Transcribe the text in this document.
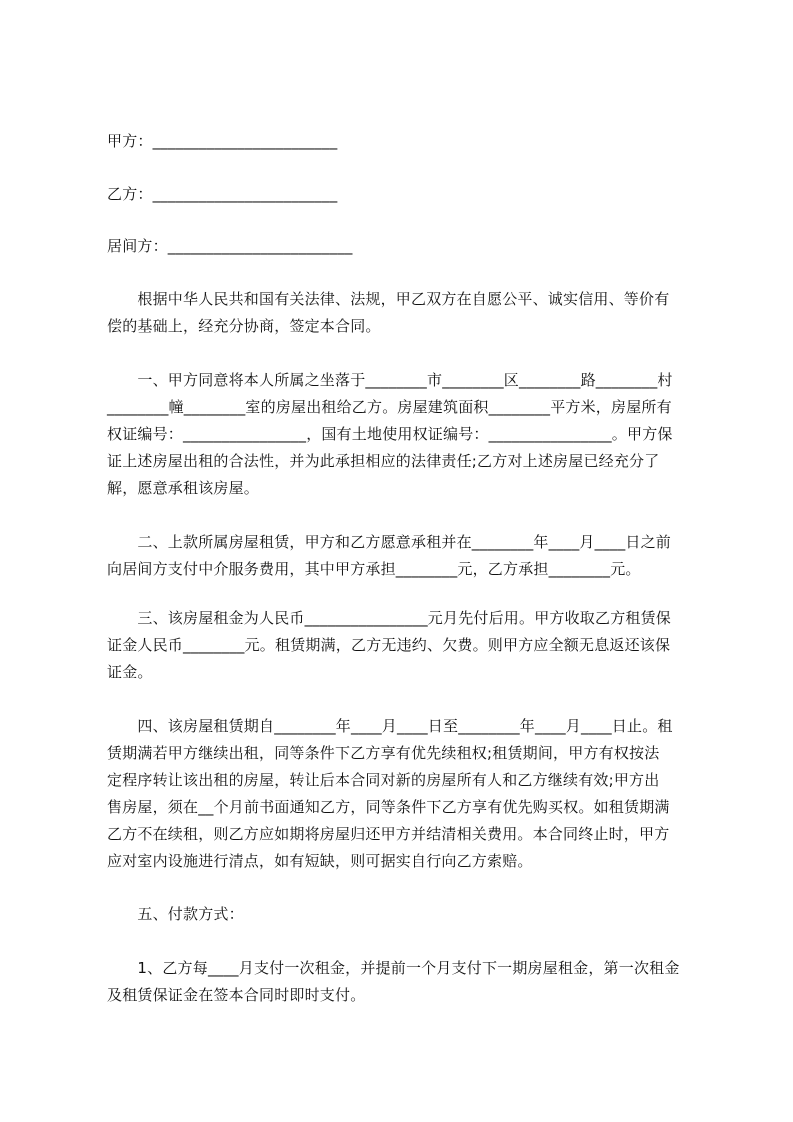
甲方：________________________
乙方：________________________
居间方：________________________
　　根据中华人民共和国有关法律、法规，甲乙双方在自愿公平、诚实信用、等价有
偿的基础上，经充分协商，签定本合同。
　　一、甲方同意将本人所属之坐落于________市________区________路________村
________幢________室的房屋出租给乙方。房屋建筑面积________平方米，房屋所有
权证编号：________________，国有土地使用权证编号：________________。甲方保
证上述房屋出租的合法性，并为此承担相应的法律责任;乙方对上述房屋已经充分了
解，愿意承租该房屋。
　　二、上款所属房屋租赁，甲方和乙方愿意承租并在________年____月____日之前
向居间方支付中介服务费用，其中甲方承担________元，乙方承担________元。
　　三、该房屋租金为人民币________________元月先付后用。甲方收取乙方租赁保
证金人民币________元。租赁期满，乙方无违约、欠费。则甲方应全额无息返还该保
证金。
　　四、该房屋租赁期自________年____月____日至________年____月____日止。租
赁期满若甲方继续出租，同等条件下乙方享有优先续租权;租赁期间，甲方有权按法
定程序转让该出租的房屋，转让后本合同对新的房屋所有人和乙方继续有效;甲方出
售房屋，须在__个月前书面通知乙方，同等条件下乙方享有优先购买权。如租赁期满
乙方不在续租，则乙方应如期将房屋归还甲方并结清相关费用。本合同终止时，甲方
应对室内设施进行清点，如有短缺，则可据实自行向乙方索赔。
　　五、付款方式：
　　1、乙方每____月支付一次租金，并提前一个月支付下一期房屋租金，第一次租金
及租赁保证金在签本合同时即时支付。
